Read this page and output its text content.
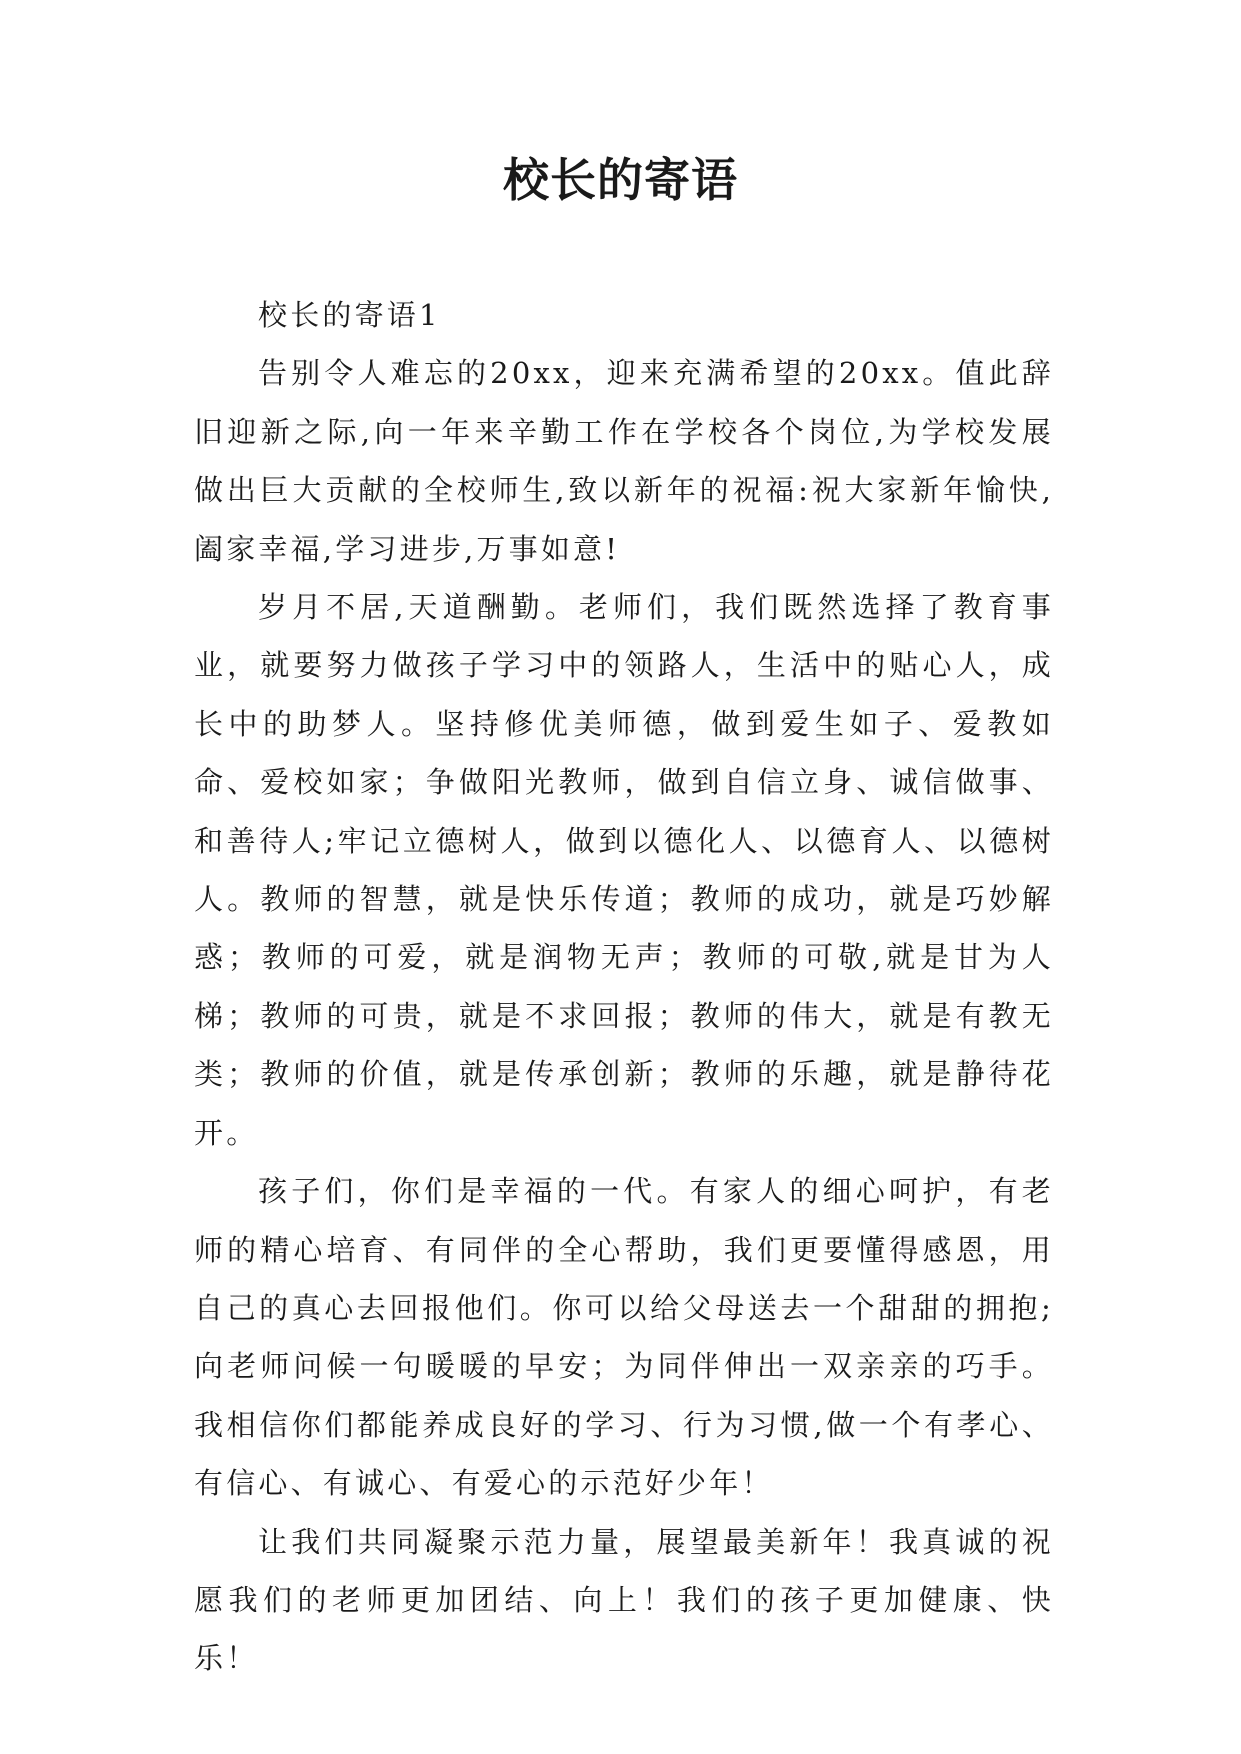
校长的寄语

校长的寄语1

告别令人难忘的20xx，迎来充满希望的20xx。值此辞旧迎新之际,向一年来辛勤工作在学校各个岗位,为学校发展做出巨大贡献的全校师生,致以新年的祝福:祝大家新年愉快,阖家幸福,学习进步,万事如意!

岁月不居,天道酬勤。老师们，我们既然选择了教育事业，就要努力做孩子学习中的领路人，生活中的贴心人，成长中的助梦人。坚持修优美师德，做到爱生如子、爱教如命、爱校如家；争做阳光教师，做到自信立身、诚信做事、和善待人;牢记立德树人，做到以德化人、以德育人、以德树人。教师的智慧，就是快乐传道；教师的成功，就是巧妙解惑；教师的可爱，就是润物无声；教师的可敬,就是甘为人梯；教师的可贵，就是不求回报；教师的伟大，就是有教无类；教师的价值，就是传承创新；教师的乐趣，就是静待花开。

孩子们，你们是幸福的一代。有家人的细心呵护，有老师的精心培育、有同伴的全心帮助，我们更要懂得感恩，用自己的真心去回报他们。你可以给父母送去一个甜甜的拥抱;向老师问候一句暖暖的早安；为同伴伸出一双亲亲的巧手。我相信你们都能养成良好的学习、行为习惯,做一个有孝心、有信心、有诚心、有爱心的示范好少年！

让我们共同凝聚示范力量，展望最美新年！我真诚的祝愿我们的老师更加团结、向上！我们的孩子更加健康、快乐！
